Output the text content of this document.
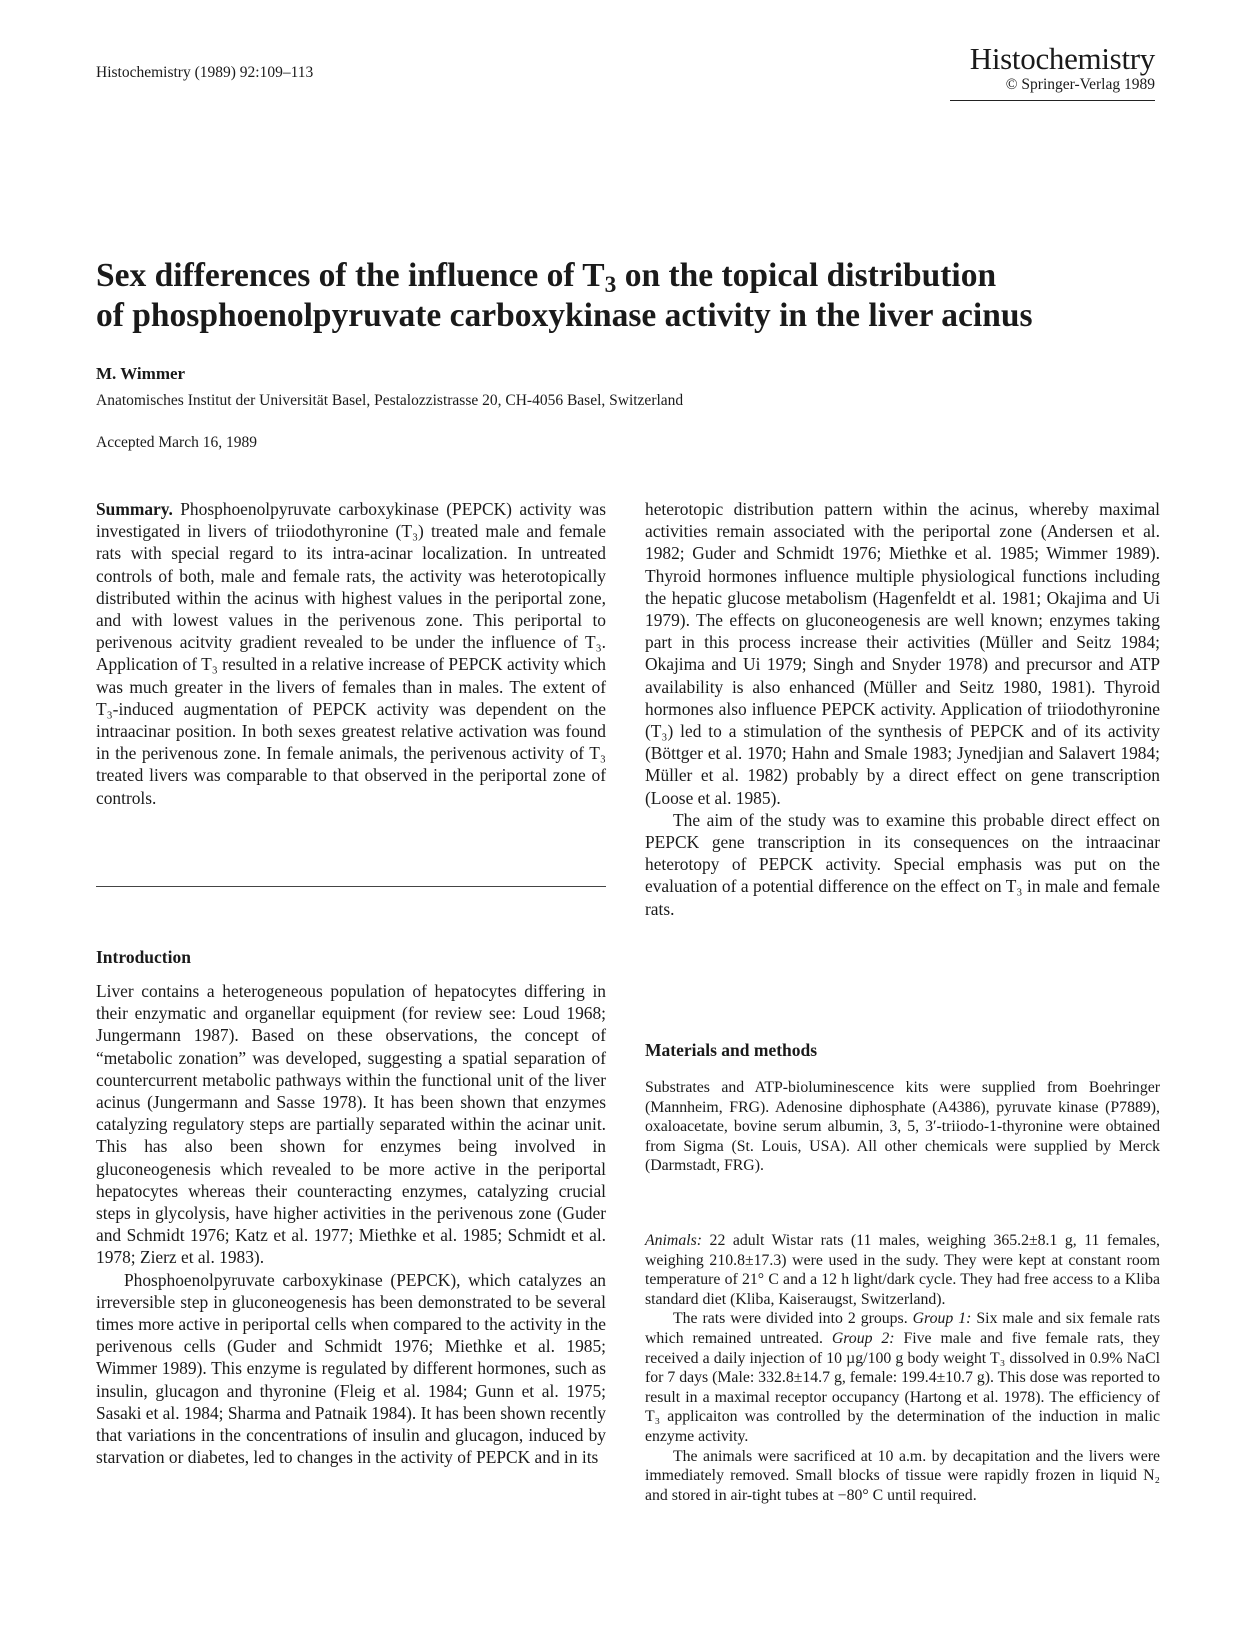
Histochemistry (1989) 92:109–113	Histochemistry
© Springer-Verlag 1989
Sex differences of the influence of $T_3$ on the topical distribution
of phosphoenolpyruvate carboxykinase activity in the liver acinus
M. Wimmer
Anatomisches Institut der Universität Basel, Pestalozzistrasse 20, CH-4056 Basel, Switzerland
Accepted March 16, 1989

Summary. Phosphoenolpyruvate carboxykinase (PEPCK) activity was investigated in livers of triiodothyronine (T₃) treated male and female rats with special regard to its intra-acinar localization. In untreated controls of both, male and female rats, the activity was heterotopically distributed within the acinus with highest values in the periportal zone, and with lowest values in the perivenous zone. This periportal to perivenous acitvity gradient revealed to be under the influence of T₃. Application of T₃ resulted in a relative increase of PEPCK activity which was much greater in the livers of females than in males. The extent of T₃-induced augmentation of PEPCK activity was dependent on the intraacinar position. In both sexes greatest relative activation was found in the perivenous zone. In female animals, the perivenous activity of T₃ treated livers was comparable to that observed in the periportal zone of controls.

Introduction

Liver contains a heterogeneous population of hepatocytes differing in their enzymatic and organellar equipment (for review see: Loud 1968; Jungermann 1987). Based on these observations, the concept of “metabolic zonation” was developed, suggesting a spatial separation of countercurrent metabolic pathways within the functional unit of the liver acinus (Jungermann and Sasse 1978). It has been shown that enzymes catalyzing regulatory steps are partially separated within the acinar unit. This has also been shown for enzymes being involved in gluconeogenesis which revealed to be more active in the periportal hepatocytes whereas their counteracting enzymes, catalyzing crucial steps in glycolysis, have higher activities in the perivenous zone (Guder and Schmidt 1976; Katz et al. 1977; Miethke et al. 1985; Schmidt et al. 1978; Zierz et al. 1983).

Phosphoenolpyruvate carboxykinase (PEPCK), which catalyzes an irreversible step in gluconeogenesis has been demonstrated to be several times more active in periportal cells when compared to the activity in the perivenous cells (Guder and Schmidt 1976; Miethke et al. 1985; Wimmer 1989). This enzyme is regulated by different hormones, such as insulin, glucagon and thyronine (Fleig et al. 1984; Gunn et al. 1975; Sasaki et al. 1984; Sharma and Patnaik 1984). It has been shown recently that variations in the concentrations of insulin and glucagon, induced by starvation or diabetes, led to changes in the activity of PEPCK and in its

heterotopic distribution pattern within the acinus, whereby maximal activities remain associated with the periportal zone (Andersen et al. 1982; Guder and Schmidt 1976; Miethke et al. 1985; Wimmer 1989). Thyroid hormones influence multiple physiological functions including the hepatic glucose metabolism (Hagenfeldt et al. 1981; Okajima and Ui 1979). The effects on gluconeogenesis are well known; enzymes taking part in this process increase their activities (Müller and Seitz 1984; Okajima and Ui 1979; Singh and Snyder 1978) and precursor and ATP availability is also enhanced (Müller and Seitz 1980, 1981). Thyroid hormones also influence PEPCK activity. Application of triiodothyronine (T₃) led to a stimulation of the synthesis of PEPCK and of its activity (Böttger et al. 1970; Hahn and Smale 1983; Jynedjian and Salavert 1984; Müller et al. 1982) probably by a direct effect on gene transcription (Loose et al. 1985).

The aim of the study was to examine this probable direct effect on PEPCK gene transcription in its consequences on the intraacinar heterotopy of PEPCK activity. Special emphasis was put on the evaluation of a potential difference on the effect on T₃ in male and female rats.

Materials and methods

Substrates and ATP-bioluminescence kits were supplied from Boehringer (Mannheim, FRG). Adenosine diphosphate (A4386), pyruvate kinase (P7889), oxaloacetate, bovine serum albumin, 3, 5, 3′-triiodo-1-thyronine were obtained from Sigma (St. Louis, USA). All other chemicals were supplied by Merck (Darmstadt, FRG).

Animals: 22 adult Wistar rats (11 males, weighing 365.2±8.1 g, 11 females, weighing 210.8±17.3) were used in the sudy. They were kept at constant room temperature of 21° C and a 12 h light/dark cycle. They had free access to a Kliba standard diet (Kliba, Kaiseraugst, Switzerland).

The rats were divided into 2 groups. Group 1: Six male and six female rats which remained untreated. Group 2: Five male and five female rats, they received a daily injection of 10 µg/100 g body weight T₃ dissolved in 0.9% NaCl for 7 days (Male: 332.8±14.7 g, female: 199.4±10.7 g). This dose was reported to result in a maximal receptor occupancy (Hartong et al. 1978). The efficiency of T₃ applicaiton was controlled by the determination of the induction in malic enzyme activity.

The animals were sacrificed at 10 a.m. by decapitation and the livers were immediately removed. Small blocks of tissue were rapidly frozen in liquid N₂ and stored in air-tight tubes at −80° C until required.
